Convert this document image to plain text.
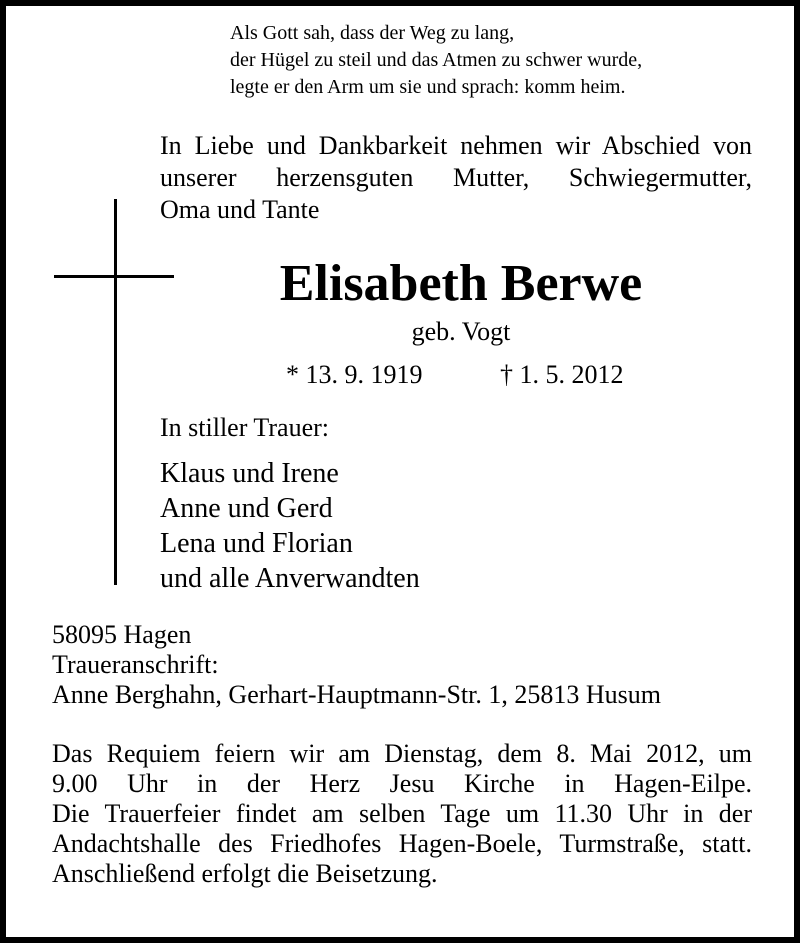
Als Gott sah, dass der Weg zu lang,
der Hügel zu steil und das Atmen zu schwer wurde,
legte er den Arm um sie und sprach: komm heim.
In Liebe und Dankbarkeit nehmen wir Abschied von
unserer herzensguten Mutter, Schwiegermutter,
Oma und Tante
Elisabeth Berwe
geb. Vogt
* 13. 9. 1919	† 1. 5. 2012
In stiller Trauer:
Klaus und Irene
Anne und Gerd
Lena und Florian
und alle Anverwandten
58095 Hagen
Traueranschrift:
Anne Berghahn, Gerhart-Hauptmann-Str. 1, 25813 Husum
Das Requiem feiern wir am Dienstag, dem 8. Mai 2012, um
9.00 Uhr in der Herz Jesu Kirche in Hagen-Eilpe.
Die Trauerfeier findet am selben Tage um 11.30 Uhr in der
Andachtshalle des Friedhofes Hagen-Boele, Turmstraße, statt.
Anschließend erfolgt die Beisetzung.
